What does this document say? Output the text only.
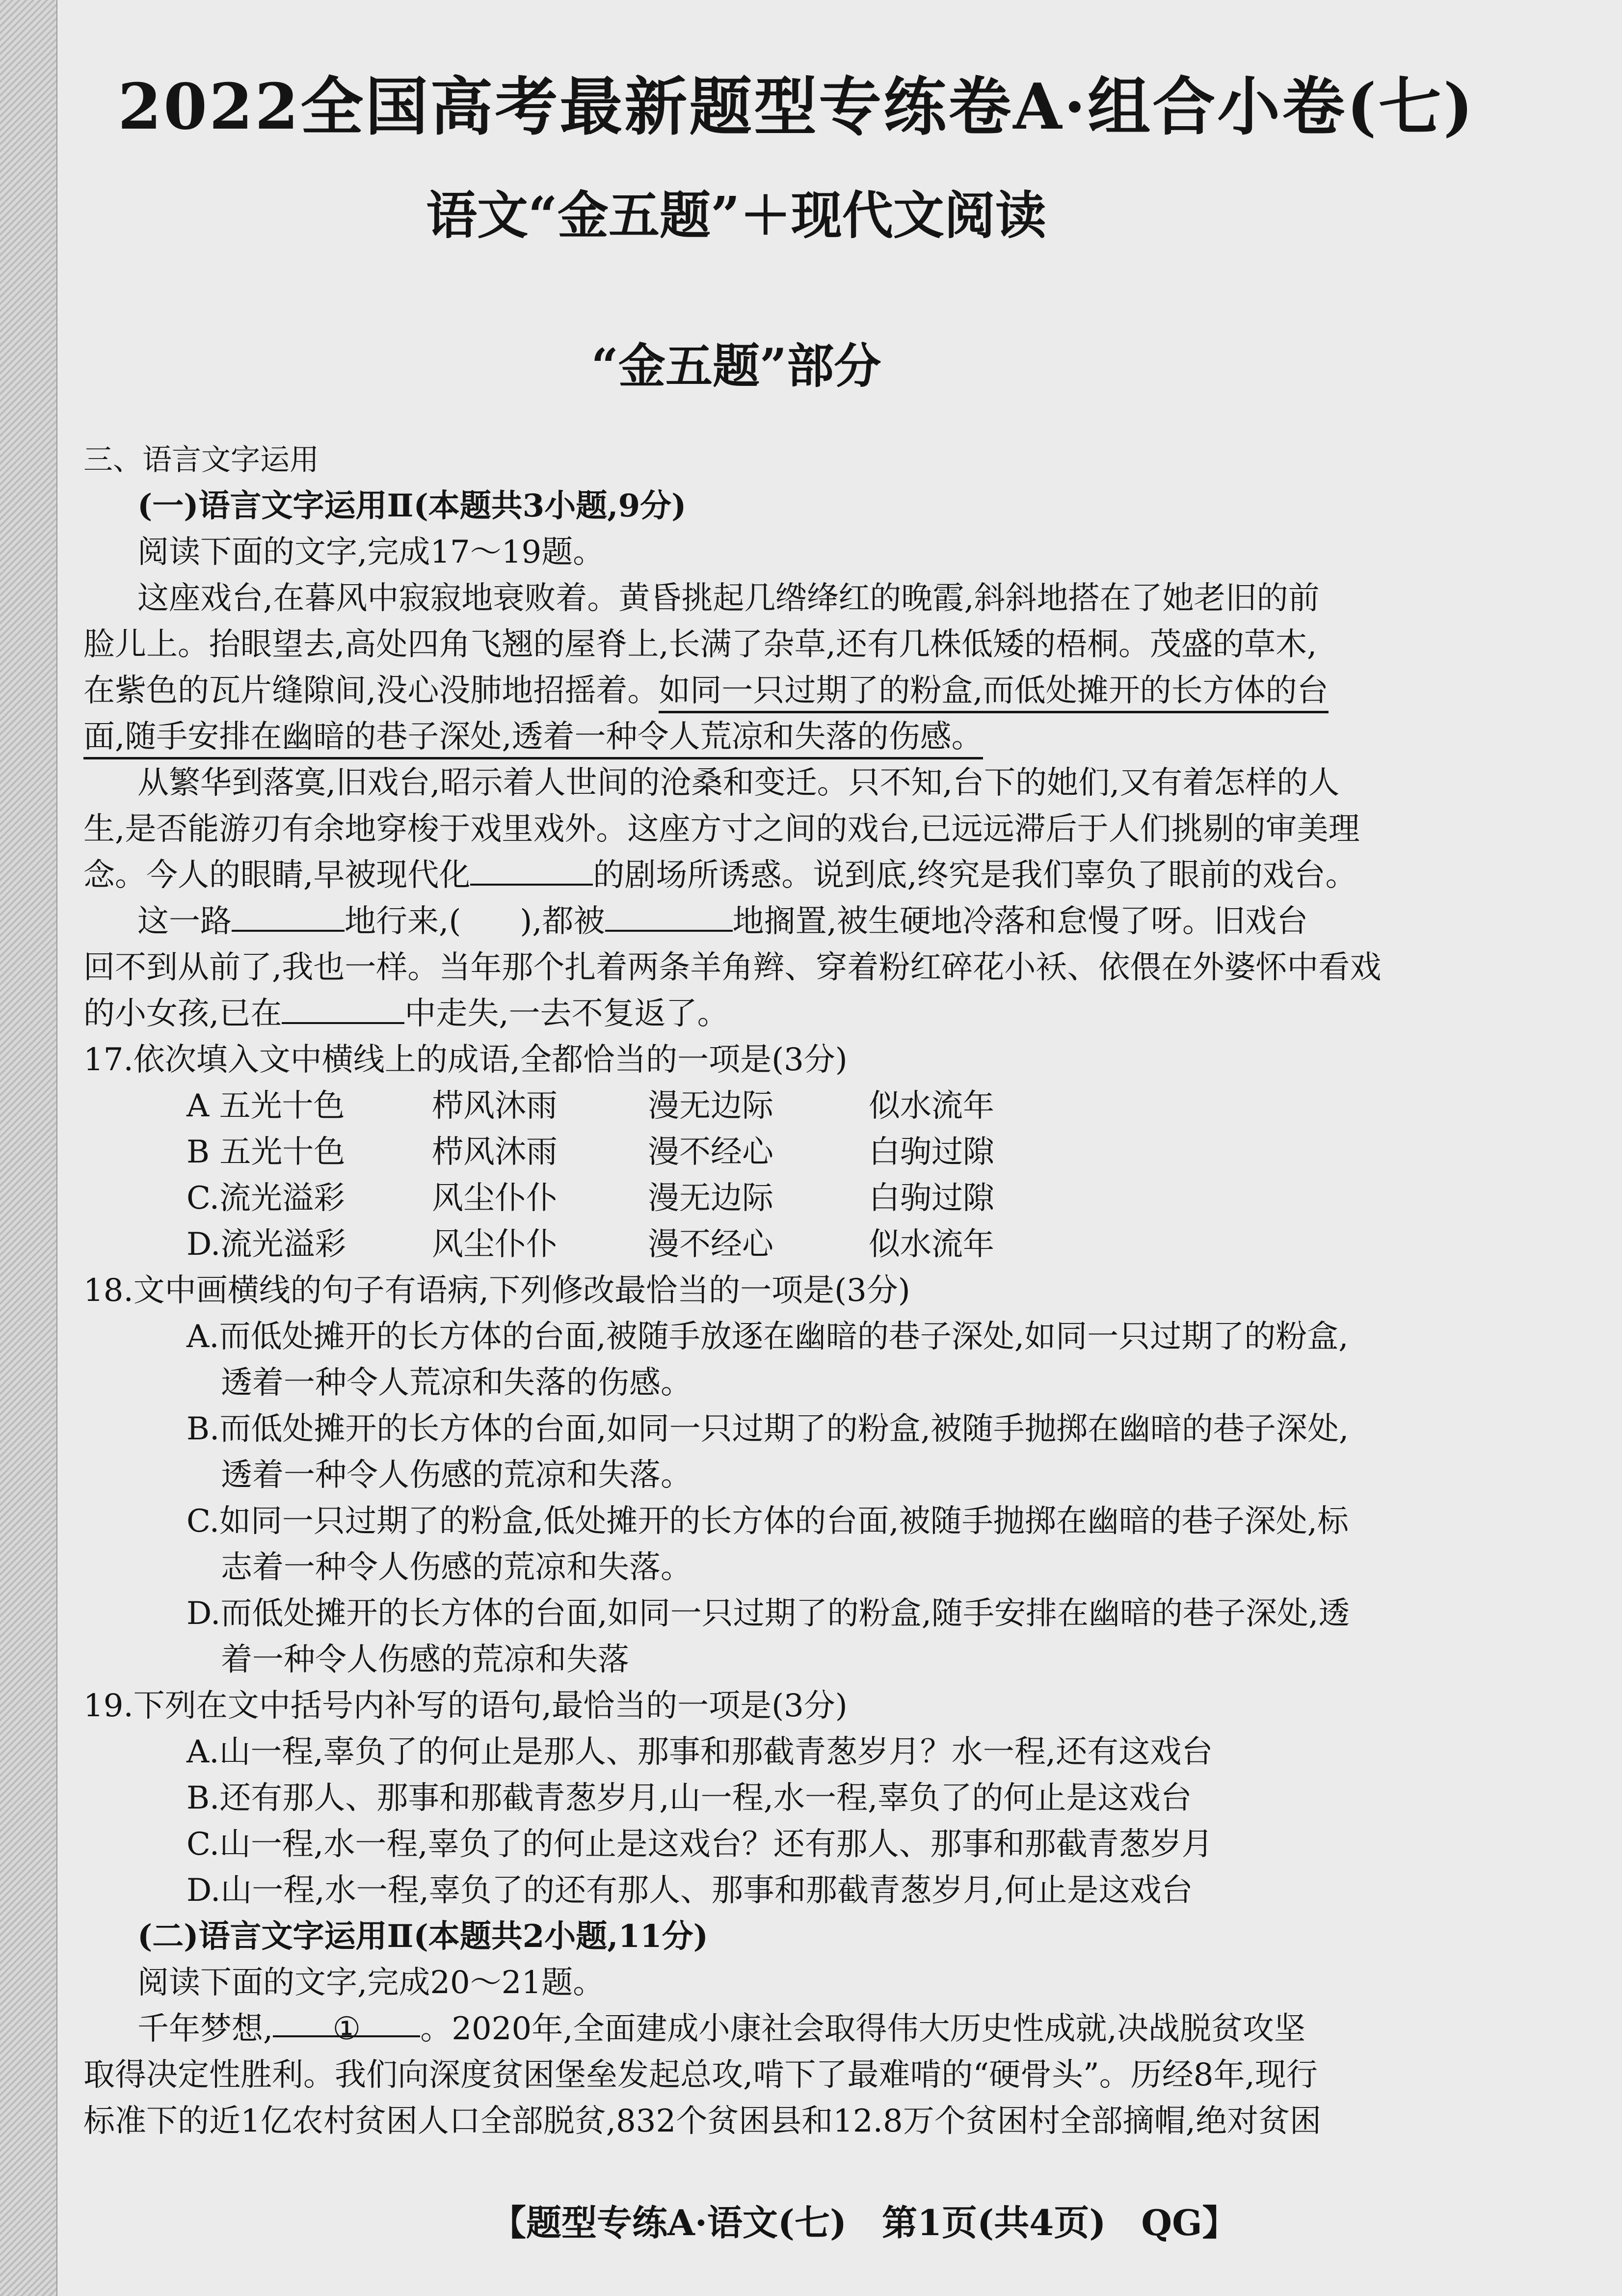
2022全国高考最新题型专练卷A·组合小卷(七)
语文“金五题”＋现代文阅读
“金五题”部分
三、语言文字运用
(一)语言文字运用Ⅱ(本题共3小题,9分)
阅读下面的文字,完成17～19题。
这座戏台,在暮风中寂寂地衰败着。黄昏挑起几绺绛红的晚霞,斜斜地搭在了她老旧的前
脸儿上。抬眼望去,高处四角飞翘的屋脊上,长满了杂草,还有几株低矮的梧桐。茂盛的草木,
在紫色的瓦片缝隙间,没心没肺地招摇着。如同一只过期了的粉盒,而低处摊开的长方体的台
面,随手安排在幽暗的巷子深处,透着一种令人荒凉和失落的伤感。
从繁华到落寞,旧戏台,昭示着人世间的沧桑和变迁。只不知,台下的她们,又有着怎样的人
生,是否能游刃有余地穿梭于戏里戏外。这座方寸之间的戏台,已远远滞后于人们挑剔的审美理
念。今人的眼睛,早被现代化	的剧场所诱惑。说到底,终究是我们辜负了眼前的戏台。
这一路	地行来,( ),都被	地搁置,被生硬地冷落和怠慢了呀。旧戏台
回不到从前了,我也一样。当年那个扎着两条羊角辫、穿着粉红碎花小袄、依偎在外婆怀中看戏
的小女孩,已在	中走失,一去不复返了。
17.依次填入文中横线上的成语,全都恰当的一项是(3分)
A 五光十色	栉风沐雨	漫无边际	似水流年
B 五光十色	栉风沐雨	漫不经心	白驹过隙
C.流光溢彩	风尘仆仆	漫无边际	白驹过隙
D.流光溢彩	风尘仆仆	漫不经心	似水流年
18.文中画横线的句子有语病,下列修改最恰当的一项是(3分)
A.而低处摊开的长方体的台面,被随手放逐在幽暗的巷子深处,如同一只过期了的粉盒,
透着一种令人荒凉和失落的伤感。
B.而低处摊开的长方体的台面,如同一只过期了的粉盒,被随手抛掷在幽暗的巷子深处,
透着一种令人伤感的荒凉和失落。
C.如同一只过期了的粉盒,低处摊开的长方体的台面,被随手抛掷在幽暗的巷子深处,标
志着一种令人伤感的荒凉和失落。
D.而低处摊开的长方体的台面,如同一只过期了的粉盒,随手安排在幽暗的巷子深处,透
着一种令人伤感的荒凉和失落
19.下列在文中括号内补写的语句,最恰当的一项是(3分)
A.山一程,辜负了的何止是那人、那事和那截青葱岁月？水一程,还有这戏台
B.还有那人、那事和那截青葱岁月,山一程,水一程,辜负了的何止是这戏台
C.山一程,水一程,辜负了的何止是这戏台？还有那人、那事和那截青葱岁月
D.山一程,水一程,辜负了的还有那人、那事和那截青葱岁月,何止是这戏台
(二)语言文字运用Ⅱ(本题共2小题,11分)
阅读下面的文字,完成20～21题。
千年梦想, ① 。2020年,全面建成小康社会取得伟大历史性成就,决战脱贫攻坚
取得决定性胜利。我们向深度贫困堡垒发起总攻,啃下了最难啃的“硬骨头”。历经8年,现行
标准下的近1亿农村贫困人口全部脱贫,832个贫困县和12.8万个贫困村全部摘帽,绝对贫困
【题型专练A·语文(七)　第1页(共4页)　QG】
